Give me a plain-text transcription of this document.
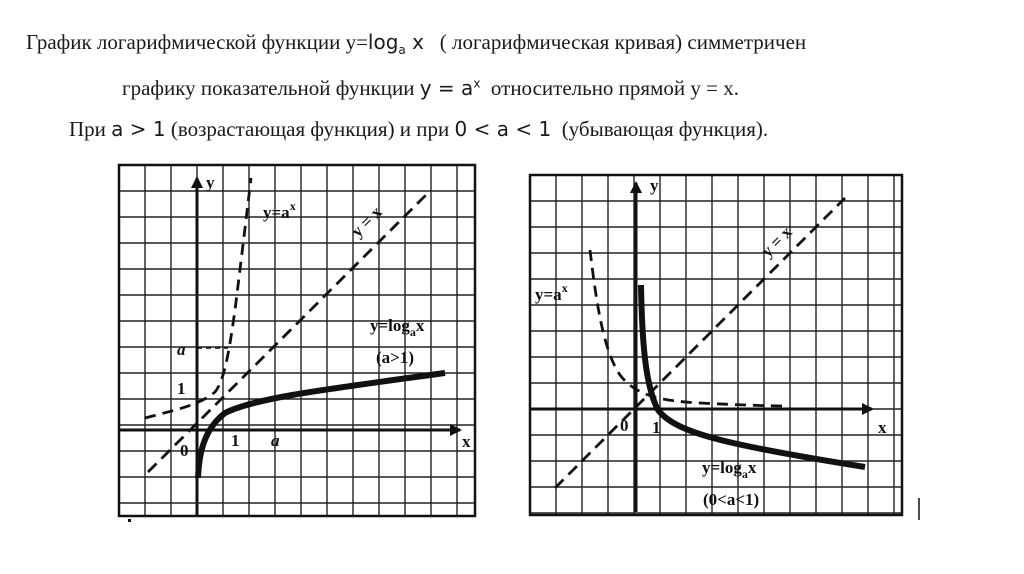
График логарифмической функции $y=\log_a$ x ( логарифмическая кривая) симметричен
графику показательной функции $y = a^x$ относительно прямой y = x.
При a > 1 (возрастающая функция) и при 0 < a < 1 (убывающая функция).
y
x
0
1
1
a
a
$y=a^x$	y = x
$y=\log_ax$
(a>1)
y
x
0 1
$y=a^x$
y = x
$y=\log_ax$
(0<a<1)
